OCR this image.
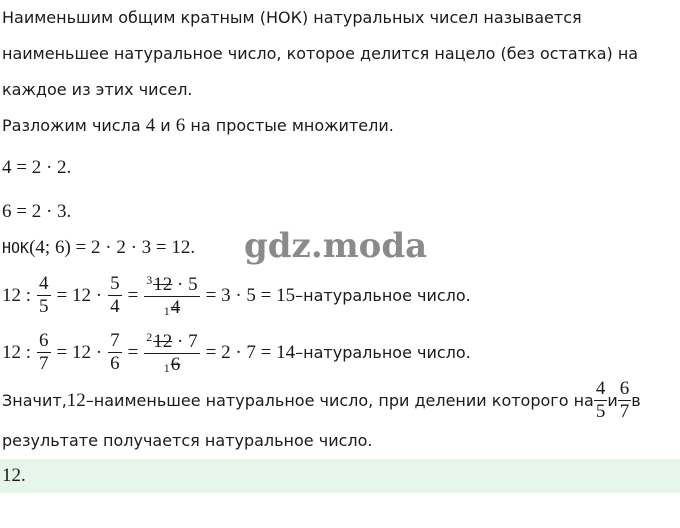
Наименьшим общим кратным (НОК) натуральных чисел называется
наименьшее натуральное число, которое делится нацело (без остатка) на
каждое из этих чисел.
Разложим числа 4 и 6 на простые множители.
4 = 2 · 2.
6 = 2 · 3.
НОК(4; 6) = 2 · 2 · 3 = 12. gdz.moda
12 : $\frac{4}{5} = 12 \cdot \frac{5}{4} = \frac{^312 \cdot 5}{14} = 3 \cdot 5 = 15$ –натуральное число.
12 : $\frac{6}{7} = 12 \cdot \frac{7}{6} = \frac{^212 \cdot 7}{16} = 2 \cdot 7 = 14$ –натуральное число.
Значит, 12 –наименьшее натуральное число, при делении которого на $\frac{4}{5}$ и $\frac{6}{7}$ в
результате получается натуральное число.
12.
